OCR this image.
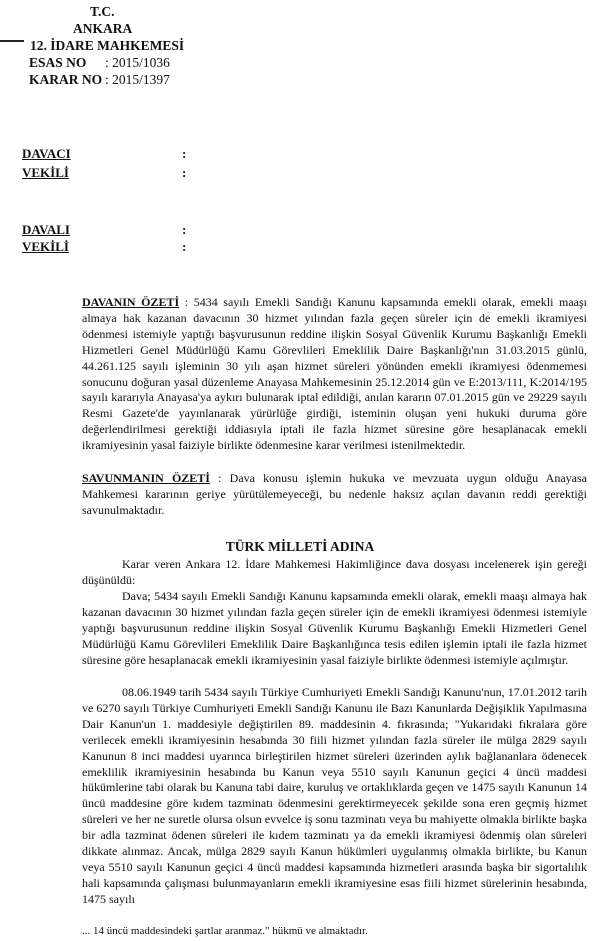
T.C.
ANKARA
12. İDARE MAHKEMESİ
ESAS NO : 2015/1036
KARAR NO : 2015/1397
DAVACI	:
VEKİLİ	:
DAVALI	:
VEKİLİ	:
DAVANIN ÖZETİ : 5434 sayılı Emekli Sandığı Kanunu kapsamında emekli olarak, emekli maaşı almaya hak kazanan davacının 30 hizmet yılından fazla geçen süreler için de emekli ikramiyesi ödenmesi istemiyle yaptığı başvurusunun reddine ilişkin Sosyal Güvenlik Kurumu Başkanlığı Emekli Hizmetleri Genel Müdürlüğü Kamu Görevlileri Emeklilik Daire Başkanlığı'nın 31.03.2015 günlü, 44.261.125 sayılı işleminin 30 yılı aşan hizmet süreleri yönünden emekli ikramiyesi ödenmemesi sonucunu doğuran yasal düzenleme Anayasa Mahkemesinin 25.12.2014 gün ve E:2013/111, K:2014/195 sayılı kararıyla Anayasa'ya aykırı bulunarak iptal edildiği, anılan kararın 07.01.2015 gün ve 29229 sayılı Resmi Gazete'de yayınlanarak yürürlüğe girdiği, isteminin oluşan yeni hukuki duruma göre değerlendirilmesi gerektiği iddiasıyla iptali ile fazla hizmet süresine göre hesaplanacak emekli ikramiyesinin yasal faiziyle birlikte ödenmesine karar verilmesi istenilmektedir.
SAVUNMANIN ÖZETİ : Dava konusu işlemin hukuka ve mevzuata uygun olduğu Anayasa Mahkemesi kararının geriye yürütülemeyeceği, bu nedenle haksız açılan davanın reddi gerektiği savunulmaktadır.
TÜRK MİLLETİ ADINA
Karar veren Ankara 12. İdare Mahkemesi Hakimliğince dava dosyası incelenerek işin gereği düşünüldü:
Dava; 5434 sayılı Emekli Sandığı Kanunu kapsamında emekli olarak, emekli maaşı almaya hak kazanan davacının 30 hizmet yılından fazla geçen süreler için de emekli ikramiyesi ödenmesi istemiyle yaptığı başvurusunun reddine ilişkin Sosyal Güvenlik Kurumu Başkanlığı Emekli Hizmetleri Genel Müdürlüğü Kamu Görevlileri Emeklilik Daire Başkanlığınca tesis edilen işlemin iptali ile fazla hizmet süresine göre hesaplanacak emekli ikramiyesinin yasal faiziyle birlikte ödenmesi istemiyle açılmıştır.
08.06.1949 tarih 5434 sayılı Türkiye Cumhuriyeti Emekli Sandığı Kanunu'nun, 17.01.2012 tarih ve 6270 sayılı Türkiye Cumhuriyeti Emekli Sandığı Kanunu ile Bazı Kanunlarda Değişiklik Yapılmasına Dair Kanun'un 1. maddesiyle değiştirilen 89. maddesinin 4. fıkrasında; "Yukarıdaki fıkralara göre verilecek emekli ikramiyesinin hesabında 30 fiili hizmet yılından fazla süreler ile mülga 2829 sayılı Kanunun 8 inci maddesi uyarınca birleştirilen hizmet süreleri üzerinden aylık bağlananlara ödenecek emeklilik ikramiyesinin hesabında bu Kanun veya 5510 sayılı Kanunun geçici 4 üncü maddesi hükümlerine tabi olarak bu Kanuna tabi daire, kuruluş ve ortaklıklarda geçen ve 1475 sayılı Kanunun 14 üncü maddesine göre kıdem tazminatı ödenmesini gerektirmeyecek şekilde sona eren geçmiş hizmet süreleri ve her ne suretle olursa olsun evvelce iş sonu tazminatı veya bu mahiyette olmakla birlikte başka bir adla tazminat ödenen süreleri ile kıdem tazminatı ya da emekli ikramiyesi ödenmiş olan süreleri dikkate alınmaz. Ancak, mülga 2829 sayılı Kanun hükümleri uygulanmış olmakla birlikte, bu Kanun veya 5510 sayılı Kanunun geçici 4 üncü maddesi kapsamında hizmetleri arasında başka bir sigortalılık hali kapsamında çalışması bulunmayanların emekli ikramiyesine esas fiili hizmet sürelerinin hesabında, 1475 sayılı
... 14 üncü maddesindeki şartlar aranmaz." hükmü ve almaktadır.
